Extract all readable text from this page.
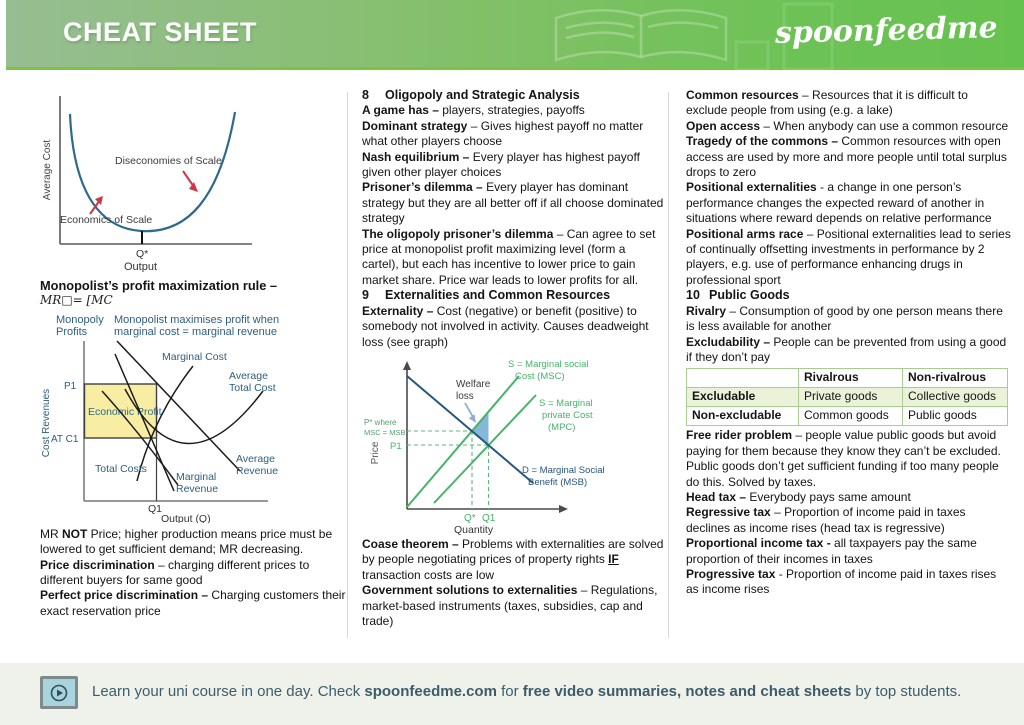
CHEAT SHEET	spoonfeedme
Average Cost	Diseconomies of Scale
Economics of Scale
Q*
Output

Monopolist’s profit maximization rule –

MR□= [MC

Monopoly
Profits
Monopolist maximises profit when
marginal cost = marginal revenue
Cost Revenues
P1
AT C1
Economic Profit
Marginal Cost
Average
Total Cost
Total Costs
Marginal
Revenue
Average
Revenue
Q1
Output (Q)

MR NOT Price; higher production means price must be lowered to get sufficient demand; MR decreasing.

Price discrimination – charging different prices to different buyers for same good

Perfect price discrimination – Charging customers their exact reservation price

8 Oligopoly and Strategic Analysis

A game has – players, strategies, payoffs

Dominant strategy – Gives highest payoff no matter what other players choose

Nash equilibrium – Every player has highest payoff given other player choices

Prisoner’s dilemma – Every player has dominant strategy but they are all better off if all choose dominated strategy

The oligopoly prisoner’s dilemma – Can agree to set price at monopolist profit maximizing level (form a cartel), but each has incentive to lower price to gain market share. Price war leads to lower profits for all.

9 Externalities and Common Resources

Externality – Cost (negative) or benefit (positive) to somebody not involved in activity. Causes deadweight loss (see graph)

Price
S = Marginal social
Cost (MSC)
S = Marginal
private Cost
(MPC)
Welfare
loss
P* where
MSC = MSB
P1
D = Marginal Social
Benefit (MSB)
Q* Q1
Quantity

Coase theorem – Problems with externalities are solved by people negotiating prices of property rights IF transaction costs are low

Government solutions to externalities – Regulations, market-based instruments (taxes, subsidies, cap and trade)

Common resources – Resources that it is difficult to exclude people from using (e.g. a lake)

Open access – When anybody can use a common resource

Tragedy of the commons – Common resources with open access are used by more and more people until total surplus drops to zero

Positional externalities - a change in one person’s performance changes the expected reward of another in situations where reward depends on relative performance

Positional arms race – Positional externalities lead to series of continually offsetting investments in performance by 2 players, e.g. use of performance enhancing drugs in professional sport

10 Public Goods

Rivalry – Consumption of good by one person means there is less available for another

Excludability – People can be prevented from using a good if they don’t pay

	Rivalrous	Non-rivalrous
Excludable	Private goods	Collective goods
Non-excludable	Common goods	Public goods

Free rider problem – people value public goods but avoid paying for them because they know they can’t be excluded. Public goods don’t get sufficient funding if too many people do this. Solved by taxes.

Head tax – Everybody pays same amount

Regressive tax – Proportion of income paid in taxes declines as income rises (head tax is regressive)

Proportional income tax - all taxpayers pay the same proportion of their incomes in taxes

Progressive tax - Proportion of income paid in taxes rises as income rises

Learn your uni course in one day. Check spoonfeedme.com for free video summaries, notes and cheat sheets by top students.
